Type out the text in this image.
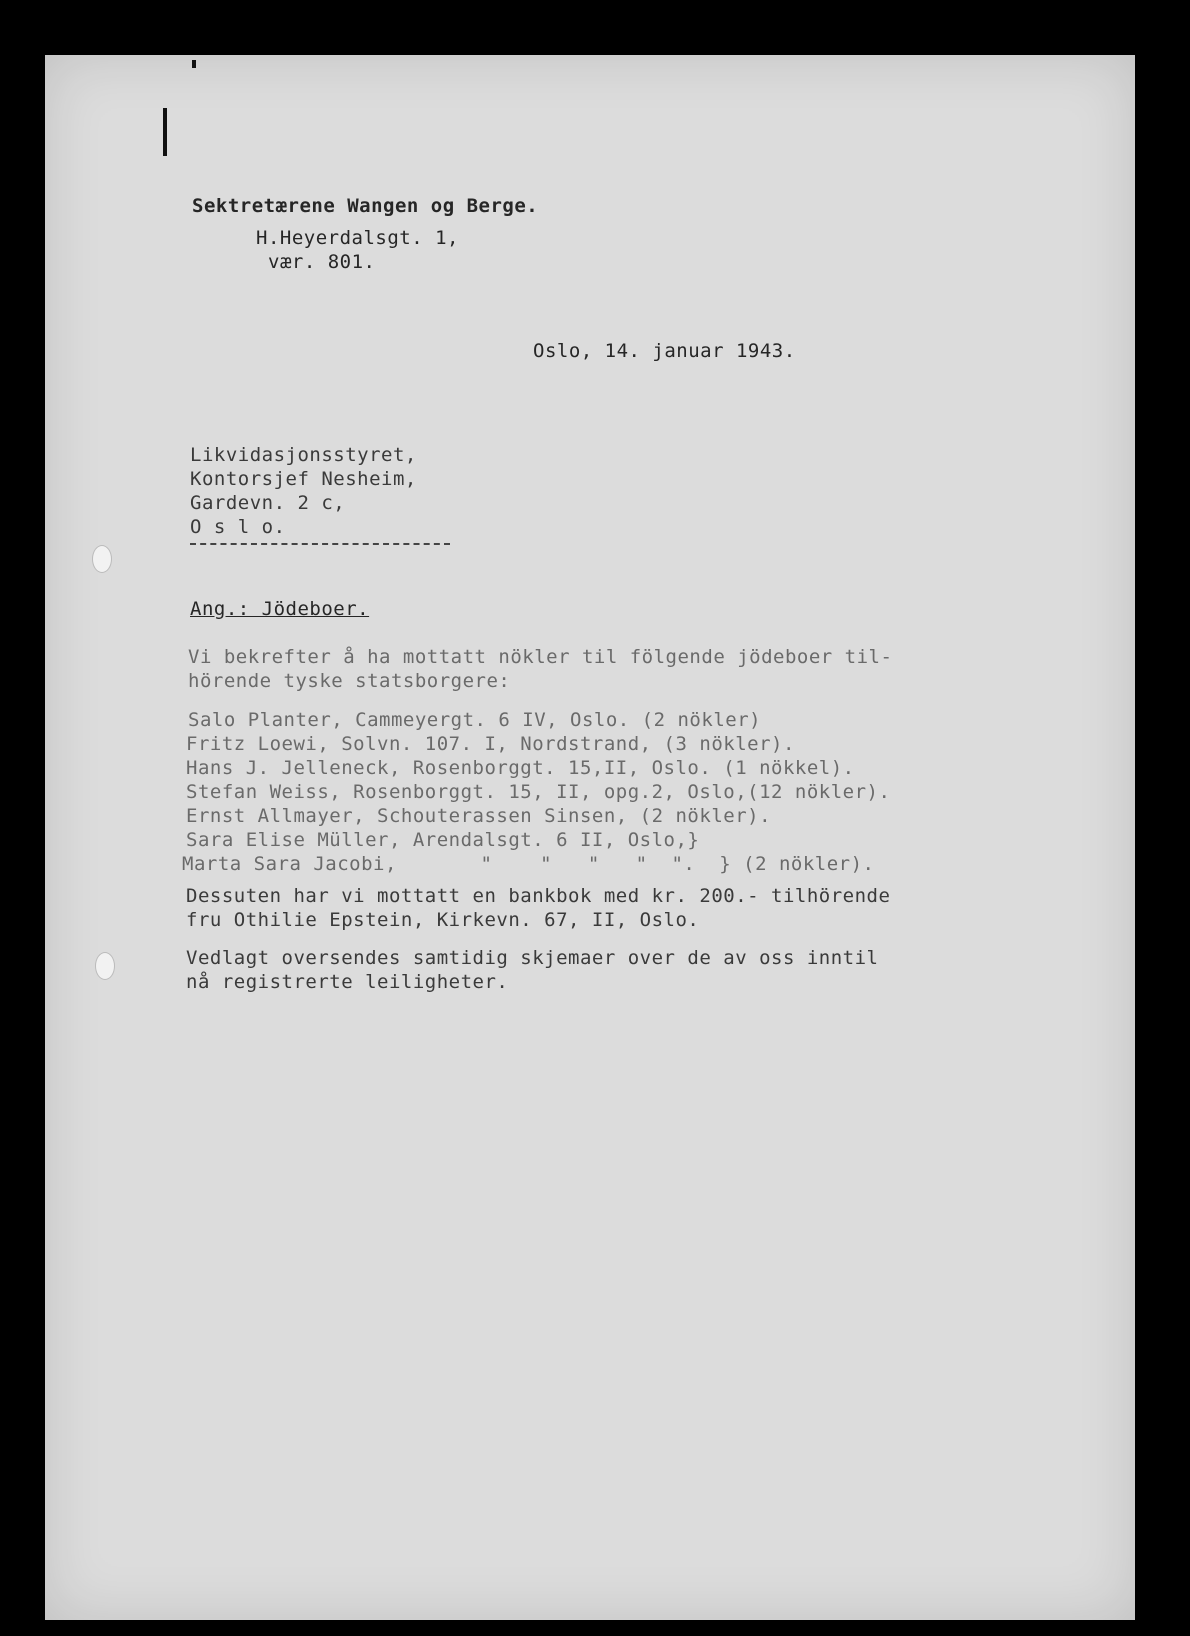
Sektretærene Wangen og Berge.
H.Heyerdalsgt. 1,
vær. 801.
Oslo, 14. januar 1943.
Likvidasjonsstyret,
Kontorsjef Nesheim,
Gardevn. 2 c,
O s l o.
Ang.: Jödeboer.
Vi bekrefter å ha mottatt nökler til fölgende jödeboer til-
hörende tyske statsborgere:
Salo Planter, Cammeyergt. 6 IV, Oslo. (2 nökler)
Fritz Loewi, Solvn. 107. I, Nordstrand, (3 nökler).
Hans J. Jelleneck, Rosenborggt. 15,II, Oslo. (1 nökkel).
Stefan Weiss, Rosenborggt. 15, II, opg.2, Oslo,(12 nökler).
Ernst Allmayer, Schouterassen Sinsen, (2 nökler).
Sara Elise Müller, Arendalsgt. 6 II, Oslo,}
Marta Sara Jacobi,       "    "   "   "  ".  } (2 nökler).
Dessuten har vi mottatt en bankbok med kr. 200.- tilhörende
fru Othilie Epstein, Kirkevn. 67, II, Oslo.
Vedlagt oversendes samtidig skjemaer over de av oss inntil
nå registrerte leiligheter.
